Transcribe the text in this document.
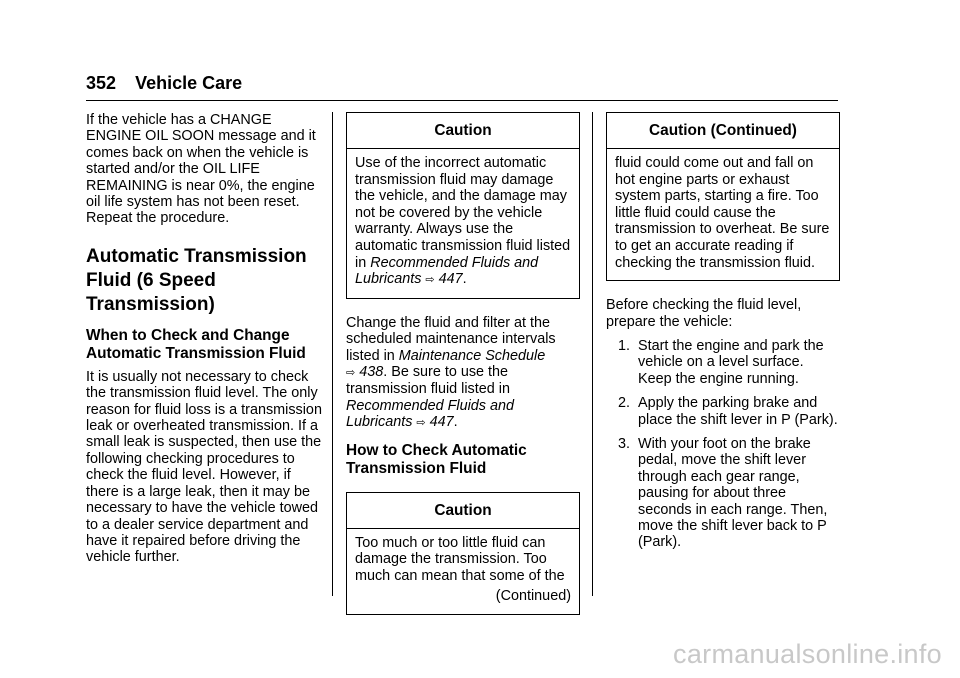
352 Vehicle Care

If the vehicle has a CHANGE ENGINE OIL SOON message and it comes back on when the vehicle is started and/or the OIL LIFE REMAINING is near 0%, the engine oil life system has not been reset. Repeat the procedure.

Automatic Transmission Fluid (6 Speed Transmission)
When to Check and Change Automatic Transmission Fluid

It is usually not necessary to check the transmission fluid level. The only reason for fluid loss is a transmission leak or overheated transmission. If a small leak is suspected, then use the following checking procedures to check the fluid level. However, if there is a large leak, then it may be necessary to have the vehicle towed to a dealer service department and have it repaired before driving the vehicle further.

Caution
Use of the incorrect automatic transmission fluid may damage the vehicle, and the damage may not be covered by the vehicle warranty. Always use the automatic transmission fluid listed in Recommended Fluids and Lubricants ⇨ 447.

Change the fluid and filter at the scheduled maintenance intervals listed in Maintenance Schedule
⇨ 438. Be sure to use the transmission fluid listed in Recommended Fluids and Lubricants ⇨ 447.

How to Check Automatic Transmission Fluid
Caution
Too much or too little fluid can damage the transmission. Too much can mean that some of the
(Continued)
Caution (Continued)
fluid could come out and fall on hot engine parts or exhaust system parts, starting a fire. Too little fluid could cause the transmission to overheat. Be sure to get an accurate reading if checking the transmission fluid.

Before checking the fluid level, prepare the vehicle:

1.  Start the engine and park the vehicle on a level surface. Keep the engine running.
2.  Apply the parking brake and place the shift lever in P (Park).
3.  With your foot on the brake pedal, move the shift lever through each gear range, pausing for about three seconds in each range. Then, move the shift lever back to P (Park).
carmanualsonline.info
